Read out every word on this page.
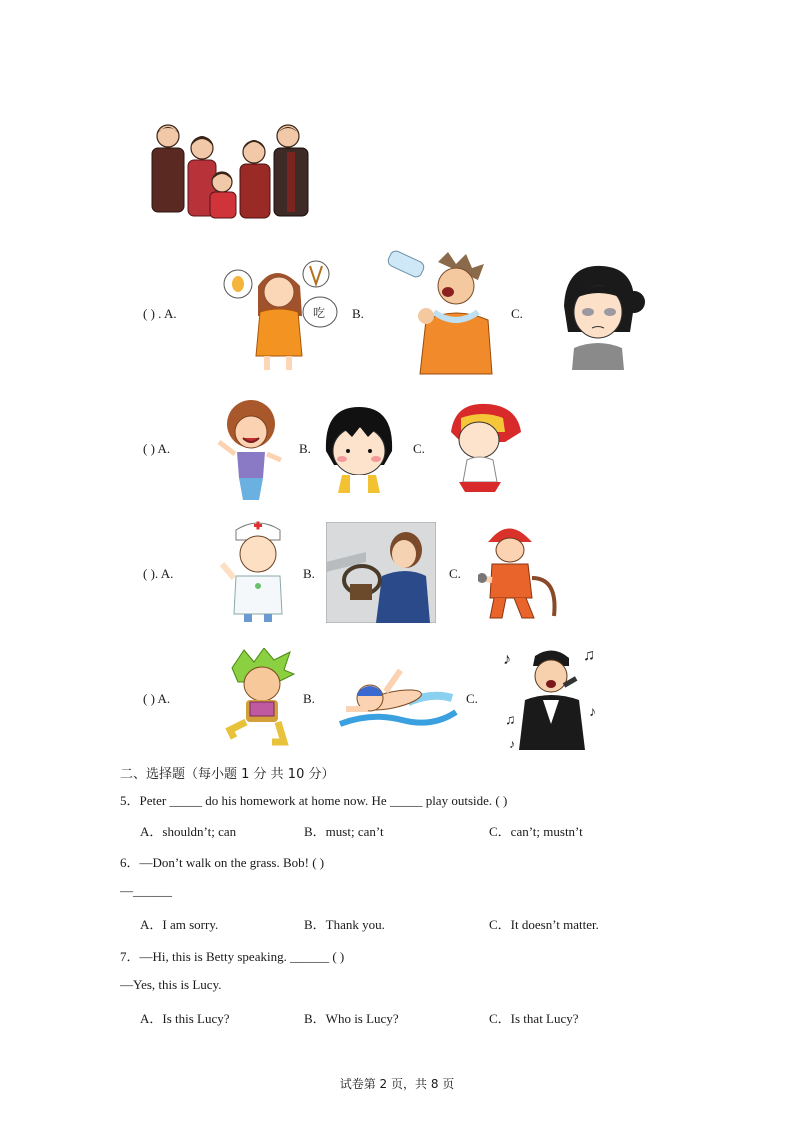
( ) . A.	吃 B.	C.
( ) A.	B.	C.
( ). A.	B.	C.
( ) A.	B.	C.
♪	♫
♫
♪
♪
二、选择题（每小题 1 分 共 10 分）
5．Peter _____ do his homework at home now. He _____ play outside. ( )
A．shouldn’t; can	B．must; can’t	C．can’t; mustn’t
6．—Don’t walk on the grass. Bob! ( )
—______
A．I am sorry.	B．Thank you.	C．It doesn’t matter.
7．—Hi, this is Betty speaking. ______ ( )
—Yes, this is Lucy.
A．Is this Lucy?	B．Who is Lucy?	C．Is that Lucy?
试卷第 2 页，共 8 页
